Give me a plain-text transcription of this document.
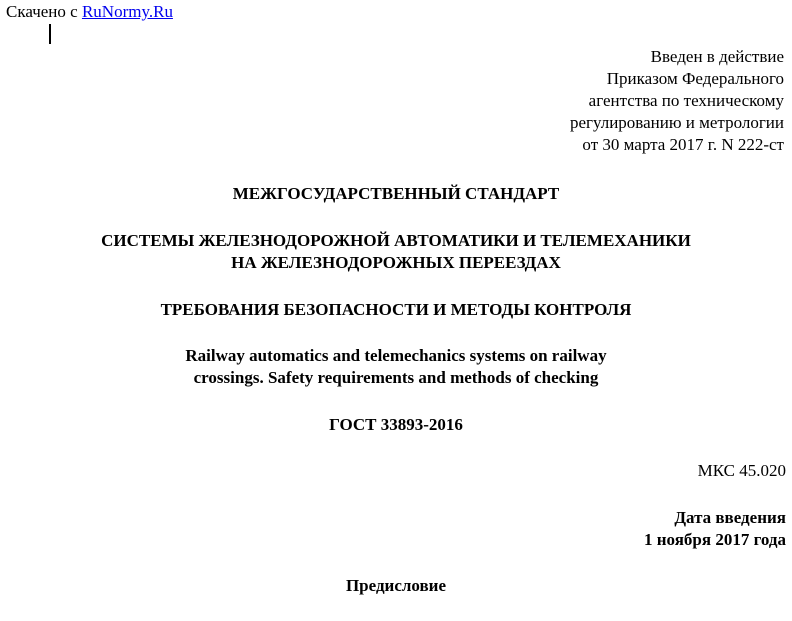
Скачено с RuNormy.Ru
Введен в действие
Приказом Федерального
агентства по техническому
регулированию и метрологии
от 30 марта 2017 г. N 222-ст
МЕЖГОСУДАРСТВЕННЫЙ СТАНДАРТ
СИСТЕМЫ ЖЕЛЕЗНОДОРОЖНОЙ АВТОМАТИКИ И ТЕЛЕМЕХАНИКИ
НА ЖЕЛЕЗНОДОРОЖНЫХ ПЕРЕЕЗДАХ
ТРЕБОВАНИЯ БЕЗОПАСНОСТИ И МЕТОДЫ КОНТРОЛЯ
Railway automatics and telemechanics systems on railway
crossings. Safety requirements and methods of checking
ГОСТ 33893-2016
МКС 45.020
Дата введения
1 ноября 2017 года
Предисловие
